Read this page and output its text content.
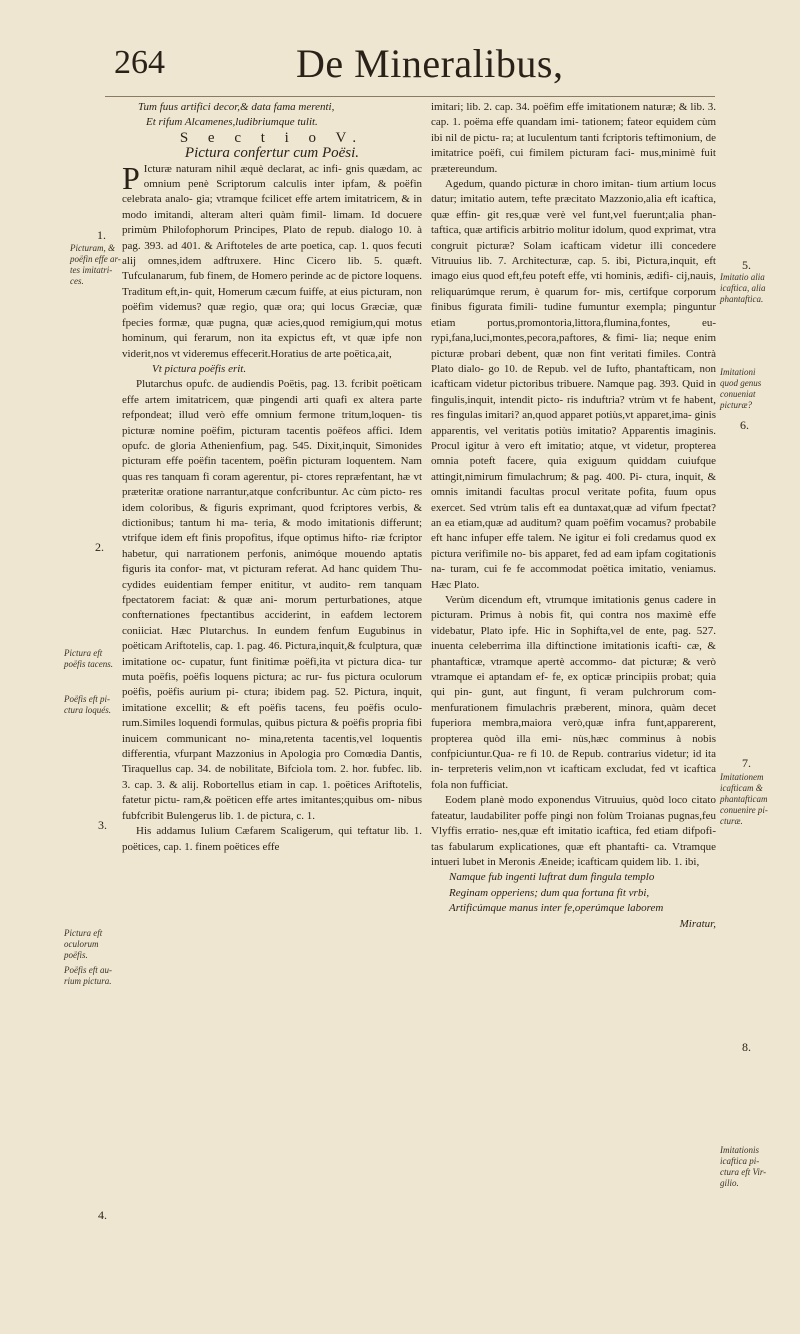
264	De Mineralibus,

Tum fuus artifici decor,& data fama merenti,

Et rifum Alcamenes,ludibriumque tulit.

S e c t i o V.

Pictura confertur cum Poësi.

P Icturæ naturam nihil æquè declarat, ac infi- gnis quædam, ac omnium penè Scriptorum calculis inter ipfam, & poëfin celebrata analo- gia; vtramque fcilicet effe artem imitatricem, & in modo imitandi, alteram alteri quàm fimil- limam. Id docuere primùm Philofophorum Principes, Plato de repub. dialogo 10. à pag. 393. ad 401. & Ariftoteles de arte poetica, cap. 1. quos fecuti alij omnes,idem adftruxere. Hinc Cicero lib. 5. quæft. Tufculanarum, fub finem, de Homero perinde ac de pictore loquens. Traditum eft,in- quit, Homerum cæcum fuiffe, at eius picturam, non poëfim videmus? quæ regio, quæ ora; qui locus Græciæ, quæ fpecies formæ, quæ pugna, quæ acies,quod remigium,qui motus hominum, qui ferarum, non ita expictus eft, vt quæ ipfe non viderit,nos vt videremus effecerit.Horatius de arte poëtica,ait,

Vt pictura poëfis erit.

Plutarchus opufc. de audiendis Poëtis, pag. 13. fcribit poëticam effe artem imitatricem, quæ pingendi arti quafi ex altera parte refpondeat; illud verò effe omnium fermone tritum,loquen- tis picturæ nomine poëfim, picturam tacentis poëfeos affici. Idem opufc. de gloria Athenienfium, pag. 545. Dixit,inquit, Simonides picturam effe poëfin tacentem, poëfin picturam loquentem. Nam quas res tanquam fi coram agerentur, pi- ctores repræfentant, hæ vt præteritæ oratione narrantur,atque confcribuntur. Ac cùm picto- res idem coloribus, & figuris exprimant, quod fcriptores verbis, & dictionibus; tantum hi ma- teria, & modo imitationis differunt; vtrifque idem eft finis propofitus, ifque optimus hifto- riæ fcriptor habetur, qui narrationem perfonis, animóque mouendo aptatis figuris ita confor- mat, vt picturam referat. Ad hanc quidem Thu- cydides euidentiam femper enititur, vt audito- rem tanquam fpectatorem faciat: & quæ ani- morum perturbationes, atque confternationes fpectantibus acciderint, in eafdem lectorem coniiciat. Hæc Plutarchus. In eundem fenfum Eugubinus in poëticam Ariftotelis, cap. 1. pag. 46. Pictura,inquit,& fculptura, quæ imitatione oc- cupatur, funt finitimæ poëfi,ita vt pictura dica- tur muta poëfis, poëfis loquens pictura; ac rur- fus pictura oculorum poëfis, poëfis aurium pi- ctura; ibidem pag. 52. Pictura, inquit, imitatione excellit; & eft poëfis tacens, feu poëfis oculo- rum.Similes loquendi formulas, quibus pictura & poëfis propria fibi inuicem communicant no- mina,retenta tacentis,vel loquentis differentia, vfurpant Mazzonius in Apologia pro Comœdia Dantis, Tiraquellus cap. 34. de nobilitate, Bifciola tom. 2. hor. fubfec. lib. 3. cap. 3. & alij. Robortellus etiam in cap. 1. poëtices Ariftotelis, fatetur pictu- ram,& poëticen effe artes imitantes;quibus om- nibus fubfcribit Bulengerus lib. 1. de pictura, c. 1.

His addamus Iulium Cæfarem Scaligerum, qui teftatur lib. 1. poëtices, cap. 1. finem poëtices effe

imitari; lib. 2. cap. 34. poëfim effe imitationem naturæ; & lib. 3. cap. 1. poëma effe quandam imi- tationem; fateor equidem cùm ibi nil de pictu- ra; at luculentum tanti fcriptoris teftimonium, de imitatrice poëfi, cui fimilem picturam faci- mus,minimè fuit prætereundum.

Agedum, quando picturæ in choro imitan- tium artium locus datur; imitatio autem, tefte præcitato Mazzonio,alia eft icaftica, quæ effin- git res,quæ verè vel funt,vel fuerunt;alia phan- taftica, quæ artificis arbitrio molitur idolum, quod exprimat, vtra congruit picturæ? Solam icafticam videtur illi concedere Vitruuius lib. 7. Architecturæ, cap. 5. ibi, Pictura,inquit, eft imago eius quod eft,feu poteft effe, vti hominis, ædifi- cij,nauis, reliquarúmque rerum, è quarum for- mis, certifque corporum finibus figurata fimili- tudine fumuntur exempla; pinguntur etiam portus,promontoria,littora,flumina,fontes, eu- rypi,fana,luci,montes,pecora,paftores, & fimi- lia; neque enim picturæ probari debent, quæ non fint veritati fimiles. Contrà Plato dialo- go 10. de Repub. vel de Iufto, phantafticam, non icafticam videtur pictoribus tribuere. Namque pag. 393. Quid in fingulis,inquit, intendit picto- ris induftria? vtrùm vt fe habent, res fingulas imitari? an,quod apparet potiùs,vt apparet,ima- ginis apparentis, vel veritatis potiùs imitatio? Apparentis imaginis. Procul igitur à vero eft imitatio; atque, vt videtur, propterea omnia poteft facere, quia exiguum quiddam cuiufque attingit,nimirum fimulachrum; & pag. 400. Pi- ctura, inquit, & omnis imitandi facultas procul veritate pofita, fuum opus exercet. Sed vtrùm talis eft ea duntaxat,quæ ad vifum fpectat? an ea etiam,quæ ad auditum? quam poëfim vocamus? probabile eft hanc infuper effe talem. Ne igitur ei foli credamus quod ex pictura verifimile no- bis apparet, fed ad eam ipfam cogitationis na- turam, cui fe fe accommodat poëtica imitatio, veniamus. Hæc Plato.

Verùm dicendum eft, vtrumque imitationis genus cadere in picturam. Primus à nobis fit, qui contra nos maximè effe videbatur, Plato ipfe. Hic in Sophifta,vel de ente, pag. 527. inuenta celeberrima illa diftinctione imitationis icafti- cæ, & phantafticæ, vtramque apertè accommo- dat picturæ; & verò vtramque ei aptandam ef- fe, ex opticæ principiis probat; quia qui pin- gunt, aut fingunt, fi veram pulchrorum com- menfurationem fimulachris præberent, minora, quàm decet fuperiora membra,maiora verò,quæ infra funt,apparerent, propterea quòd illa emi- nùs,hæc comminus à nobis confpiciuntur.Qua- re fi 10. de Repub. contrarius videtur; id ita in- terpreteris velim,non vt icafticam excludat, fed vt icaftica fola non fufficiat.

Eodem planè modo exponendus Vitruuius, quòd loco citato fateatur, laudabiliter poffe pingi non folùm Troianas pugnas,feu Vlyffis erratio- nes,quæ eft imitatio icaftica, fed etiam difpofi- tas fabularum explicationes, quæ eft phantafti- ca. Vtramque intueri lubet in Meronis Æneide; icafticam quidem lib. 1. ibi,

Namque fub ingenti luftrat dum fingula templo

Reginam opperiens; dum qua fortuna fit vrbi,

Artificúmque manus inter fe,operúmque laborem

Miratur,

1.
Picturam, &
poëfin effe ar-
tes imitatri-
ces.
2.
Pictura eft
poëfis tacens.
Poëfis eft pi-
ctura loqués.
3.
Pictura eft
oculorum
poëfis.
Poëfis eft au-
rium pictura.
4.
5.
Imitatio alia
icaftica, alia
phantaftica.
Imitationi
quod genus
conueniat
picturæ?
6.
7.
Imitationem
icafticam &
phantafticam
conuenire pi-
cturæ.
8.
Imitationis
icaftica pi-
ctura eft Vir-
gilio.
